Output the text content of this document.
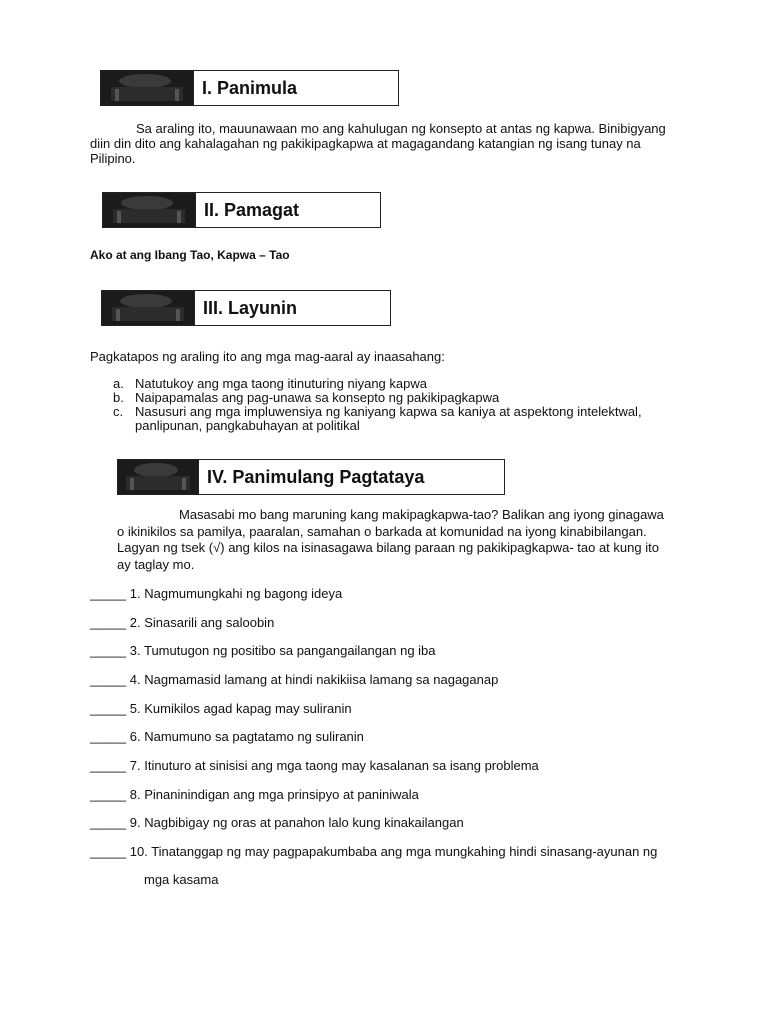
I. Panimula
Sa araling ito, mauunawaan mo ang kahulugan ng konsepto at antas ng kapwa. Binibigyang
diin din dito ang kahalagahan ng pakikipagkapwa at magagandang katangian ng isang tunay na
Pilipino.
II. Pamagat
Ako at ang Ibang Tao, Kapwa – Tao
III. Layunin
Pagkatapos ng araling ito ang mga mag-aaral ay inaasahang:
a. Natutukoy ang mga taong itinuturing niyang kapwa
b. Naipapamalas ang pag-unawa sa konsepto ng pakikipagkapwa
c. Nasusuri ang mga impluwensiya ng kaniyang kapwa sa kaniya at aspektong intelektwal,
panlipunan, pangkabuhayan at politikal
IV. Panimulang Pagtataya
Masasabi mo bang maruning kang makipagkapwa-tao? Balikan ang iyong ginagawa
o ikinikilos sa pamilya, paaralan, samahan o barkada at komunidad na iyong kinabibilangan.
Lagyan ng tsek (√) ang kilos na isinasagawa bilang paraan ng pakikipagkapwa- tao at kung ito
ay taglay mo.
_____ 1. Nagmumungkahi ng bagong ideya
_____ 2. Sinasarili ang saloobin
_____ 3. Tumutugon ng positibo sa pangangailangan ng iba
_____ 4. Nagmamasid lamang at hindi nakikiisa lamang sa nagaganap
_____ 5. Kumikilos agad kapag may suliranin
_____ 6. Namumuno sa pagtatamo ng suliranin
_____ 7. Itinuturo at sinisisi ang mga taong may kasalanan sa isang problema
_____ 8. Pinaninindigan ang mga prinsipyo at paniniwala
_____ 9. Nagbibigay ng oras at panahon lalo kung kinakailangan
_____ 10. Tinatanggap ng may pagpapakumbaba ang mga mungkahing hindi sinasang-ayunan ng
mga kasama
